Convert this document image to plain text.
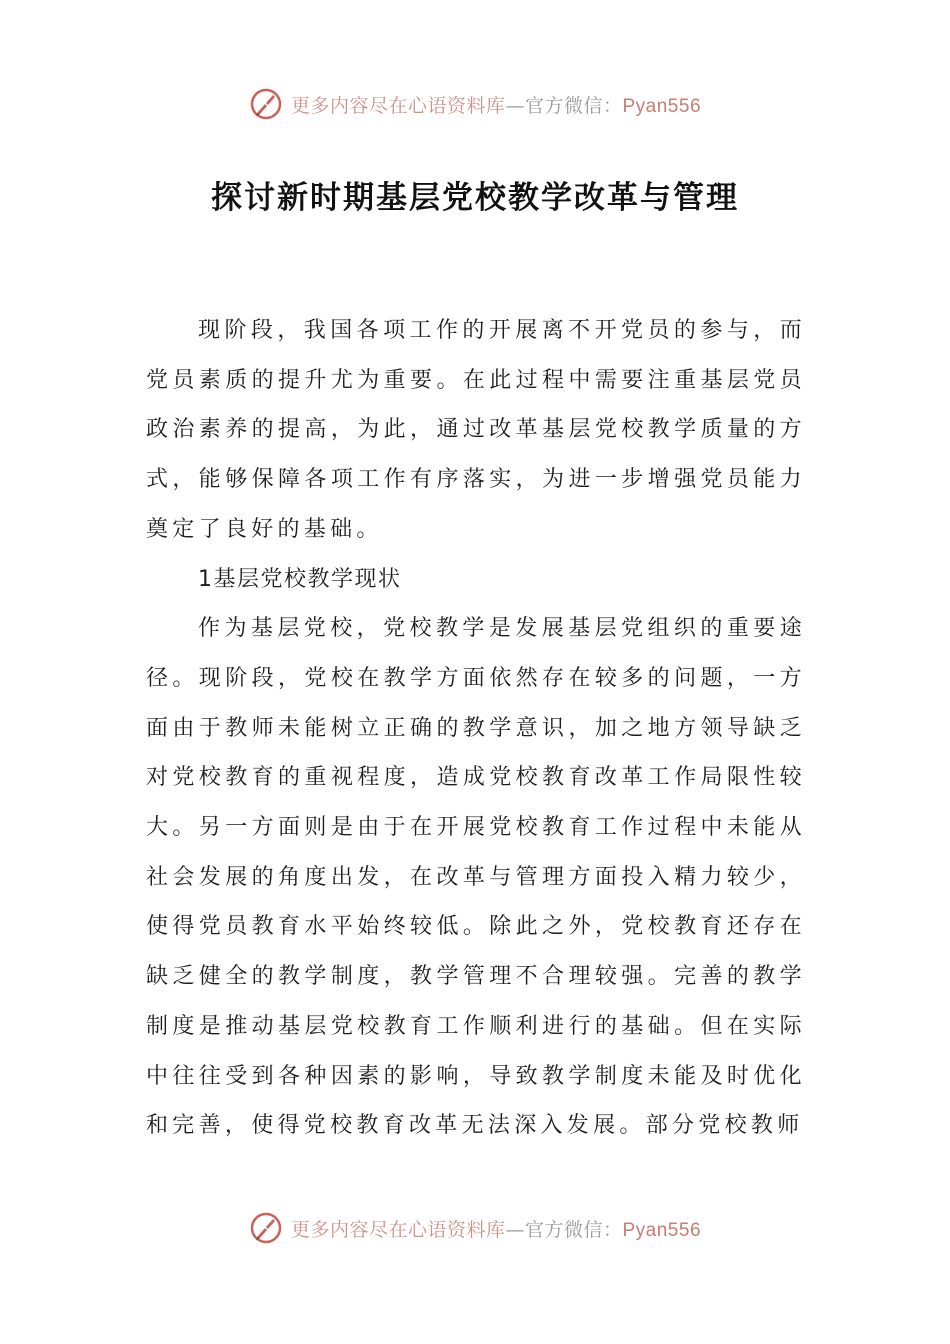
更多内容尽在心语资料库—官方微信：Pyan556
探讨新时期基层党校教学改革与管理

现阶段，我国各项工作的开展离不开党员的参与，而党员素质的提升尤为重要。在此过程中需要注重基层党员政治素养的提高，为此，通过改革基层党校教学质量的方式，能够保障各项工作有序落实，为进一步增强党员能力奠定了良好的基础。

1基层党校教学现状

作为基层党校，党校教学是发展基层党组织的重要途径。现阶段，党校在教学方面依然存在较多的问题，一方面由于教师未能树立正确的教学意识，加之地方领导缺乏对党校教育的重视程度，造成党校教育改革工作局限性较大。另一方面则是由于在开展党校教育工作过程中未能从社会发展的角度出发，在改革与管理方面投入精力较少，使得党员教育水平始终较低。除此之外，党校教育还存在缺乏健全的教学制度，教学管理不合理较强。完善的教学制度是推动基层党校教育工作顺利进行的基础。但在实际中往往受到各种因素的影响，导致教学制度未能及时优化和完善，使得党校教育改革无法深入发展。部分党校教师

更多内容尽在心语资料库—官方微信：Pyan556
